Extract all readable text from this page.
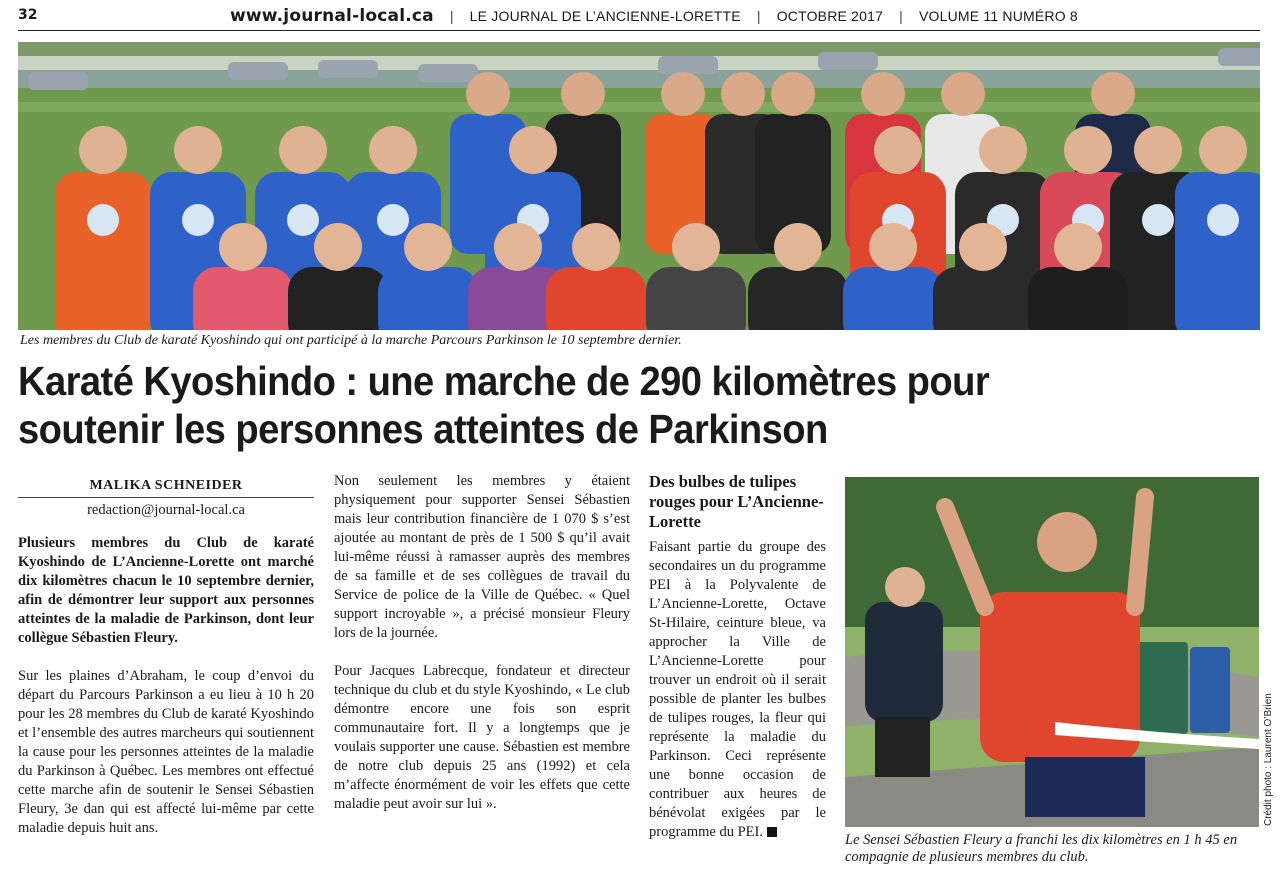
32	www.journal-local.ca | LE JOURNAL DE L’ANCIENNE-LORETTE | OCTOBRE 2017 | VOLUME 11 NUMÉRO 8
Les membres du Club de karaté Kyoshindo qui ont participé à la marche Parcours Parkinson le 10 septembre dernier.
Karaté Kyoshindo : une marche de 290 kilomètres pour
soutenir les personnes atteintes de Parkinson
MALIKA SCHNEIDER
redaction@journal-local.ca

Plusieurs membres du Club de karaté Kyoshindo de L’Ancienne-Lorette ont marché dix kilomètres chacun le 10 septembre dernier, afin de démontrer leur support aux personnes atteintes de la maladie de Parkinson, dont leur collègue Sébastien Fleury.

Sur les plaines d’Abraham, le coup d’envoi du départ du Parcours Parkinson a eu lieu à 10 h 20 pour les 28 membres du Club de karaté Kyoshindo et l’ensemble des autres marcheurs qui soutiennent la cause pour les personnes atteintes de la maladie du Parkinson à Québec. Les membres ont effectué cette marche afin de soutenir le Sensei Sébastien Fleury, 3e dan qui est affecté lui-même par cette maladie depuis huit ans.

Non seulement les membres y étaient physiquement pour supporter Sensei Sébastien mais leur contribution financière de 1 070 $ s’est ajoutée au montant de près de 1 500 $ qu’il avait lui-même réussi à ramasser auprès des membres de sa famille et de ses collègues de travail du Service de police de la Ville de Québec. « Quel support incroyable », a précisé monsieur Fleury lors de la journée.

Pour Jacques Labrecque, fondateur et directeur technique du club et du style Kyoshindo, « Le club démontre encore une fois son esprit communautaire fort. Il y a longtemps que je voulais supporter une cause. Sébastien est membre de notre club depuis 25 ans (1992) et cela m’affecte énormément de voir les effets que cette maladie peut avoir sur lui ».

Des bulbes de tulipes rouges pour L’Ancienne-Lorette

Faisant partie du groupe des secondaires un du programme PEI à la Polyvalente de L’Ancienne-Lorette, Octave St-Hilaire, ceinture bleue, va approcher la Ville de L’Ancienne-Lorette pour trouver un endroit où il serait possible de planter les bulbes de tulipes rouges, la fleur qui représente la maladie du Parkinson. Ceci représente une bonne occasion de contribuer aux heures de bénévolat exigées par le programme du PEI.

Crédit photo : Laurent O’Brien
Le Sensei Sébastien Fleury a franchi les dix kilomètres en 1 h 45 en compagnie de plusieurs membres du club.
